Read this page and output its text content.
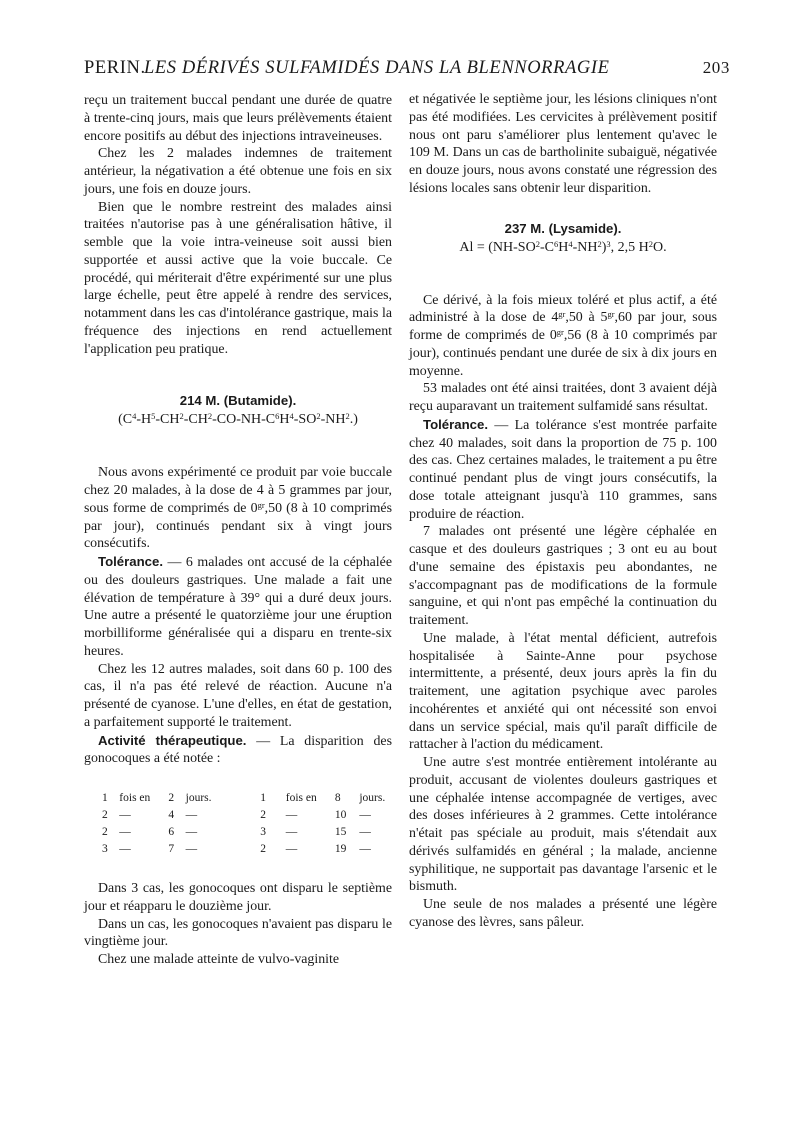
PERIN.
LES DÉRIVÉS SULFAMIDÉS DANS LA BLENNORRAGIE	203

reçu un traitement buccal pendant une durée de quatre à trente-cinq jours, mais que leurs prélèvements étaient encore positifs au début des injections intraveineuses.

Chez les 2 malades indemnes de traitement antérieur, la négativation a été obtenue une fois en six jours, une fois en douze jours.

Bien que le nombre restreint des malades ainsi traitées n'autorise pas à une généralisation hâtive, il semble que la voie intra-veineuse soit aussi bien supportée et aussi active que la voie buccale. Ce procédé, qui mériterait d'être expérimenté sur une plus large échelle, peut être appelé à rendre des services, notamment dans les cas d'intolérance gastrique, mais la fréquence des injections en rend actuellement l'application peu pratique.

214 M. (Butamide).
$(C^4-H^5-CH^2-CH^2-CO-NH-C^6H^4-SO^2-NH^2.)$

Nous avons expérimenté ce produit par voie buccale chez 20 malades, à la dose de 4 à 5 grammes par jour, sous forme de comprimés de $0^{gr},50$ (8 à 10 comprimés par jour), continués pendant six à vingt jours consécutifs.

Tolérance. — 6 malades ont accusé de la céphalée ou des douleurs gastriques. Une malade a fait une élévation de température à 39° qui a duré deux jours. Une autre a présenté le quatorzième jour une éruption morbilliforme généralisée qui a disparu en trente-six heures.

Chez les 12 autres malades, soit dans 60 p. 100 des cas, il n'a pas été relevé de réaction. Aucune n'a présenté de cyanose. L'une d'elles, en état de gestation, a parfaitement supporté le traitement.

Activité thérapeutique. — La disparition des gonocoques a été notée :

1	fois en	2	jours.	1	fois en	8	jours.
2	—	4	—	2	—	10	—
2	—	6	—	3	—	15	—
3	—	7	—	2	—	19	—

Dans 3 cas, les gonocoques ont disparu le septième jour et réapparu le douzième jour.

Dans un cas, les gonocoques n'avaient pas disparu le vingtième jour.

Chez une malade atteinte de vulvo-vaginite

et négativée le septième jour, les lésions cliniques n'ont pas été modifiées. Les cervicites à prélèvement positif nous ont paru s'améliorer plus lentement qu'avec le 109 M. Dans un cas de bartholinite subaiguë, négativée en douze jours, nous avons constaté une régression des lésions locales sans obtenir leur disparition.

237 M. (Lysamide).
$Al = (NH-SO^2-C^6H^4-NH^2)^3$, 2,5 $H^2O$.

Ce dérivé, à la fois mieux toléré et plus actif, a été administré à la dose de $4^{gr},50$ à $5^{gr},60$ par jour, sous forme de comprimés de $0^{gr},56$ (8 à 10 comprimés par jour), continués pendant une durée de six à dix jours en moyenne.

53 malades ont été ainsi traitées, dont 3 avaient déjà reçu auparavant un traitement sulfamidé sans résultat.

Tolérance. — La tolérance s'est montrée parfaite chez 40 malades, soit dans la proportion de 75 p. 100 des cas. Chez certaines malades, le traitement a pu être continué pendant plus de vingt jours consécutifs, la dose totale atteignant jusqu'à 110 grammes, sans produire de réaction.

7 malades ont présenté une légère céphalée en casque et des douleurs gastriques ; 3 ont eu au bout d'une semaine des épistaxis peu abondantes, ne s'accompagnant pas de modifications de la formule sanguine, et qui n'ont pas empêché la continuation du traitement.

Une malade, à l'état mental déficient, autrefois hospitalisée à Sainte-Anne pour psychose intermittente, a présenté, deux jours après la fin du traitement, une agitation psychique avec paroles incohérentes et anxiété qui ont nécessité son envoi dans un service spécial, mais qu'il paraît difficile de rattacher à l'action du médicament.

Une autre s'est montrée entièrement intolérante au produit, accusant de violentes douleurs gastriques et une céphalée intense accompagnée de vertiges, avec des doses inférieures à 2 grammes. Cette intolérance n'était pas spéciale au produit, mais s'étendait aux dérivés sulfamidés en général ; la malade, ancienne syphilitique, ne supportait pas davantage l'arsenic et le bismuth.

Une seule de nos malades a présenté une légère cyanose des lèvres, sans pâleur.
